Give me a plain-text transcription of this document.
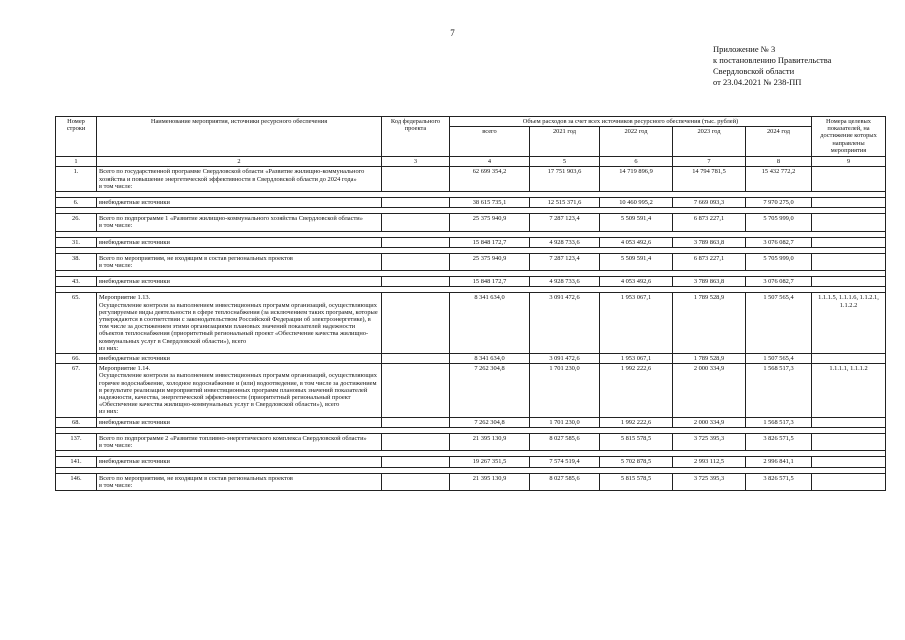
7
Приложение № 3
к постановлению Правительства
Свердловской области
от 23.04.2021 № 238-ПП
Номер строки	Наименование мероприятия, источники ресурсного обеспечения	Код федерального проекта	Объем расходов за счет всех источников ресурсного обеспечения (тыс. рублей)					Номера целевых показателей, на достижение которых направлены мероприятия
			всего	2021 год	2022 год	2023 год	2024 год	
1	2	3	4	5	6	7	8	9
1.	Всего по государственной программе Свердловской области «Развитие жилищно-коммунального хозяйства и повышение энергетической эффективности в Свердловской области до 2024 года»
в том числе:		62 699 354,2	17 751 903,6	14 719 896,9	14 794 781,5	15 432 772,2	

6.	внебюджетные источники		38 615 735,1	12 515 371,6	10 460 995,2	7 669 093,3	7 970 275,0	

26.	Всего по подпрограмме 1 «Развитие жилищно-коммунального хозяйства Свердловской области»
в том числе:		25 375 940,9	7 287 123,4	5 509 591,4	6 873 227,1	5 705 999,0	

31.	внебюджетные источники		15 848 172,7	4 928 733,6	4 053 492,6	3 789 863,8	3 076 082,7	

38.	Всего по мероприятиям, не входящим в состав региональных проектов
в том числе:		25 375 940,9	7 287 123,4	5 509 591,4	6 873 227,1	5 705 999,0	

43.	внебюджетные источники		15 848 172,7	4 928 733,6	4 053 492,6	3 789 863,8	3 076 082,7	

65.	Мероприятие 1.13.
Осуществление контроля за выполнением инвестиционных программ организаций, осуществляющих регулируемые виды деятельности в сфере теплоснабжения (за исключением таких программ, которые утверждаются в соответствии с законодательством Российской Федерации об электроэнергетике), в том числе за достижением этими организациями плановых значений показателей надежности объектов теплоснабжения (приоритетный региональный проект «Обеспечение качества жилищно-коммунальных услуг в Свердловской области»), всего
из них:		8 341 634,0	3 091 472,6	1 953 067,1	1 789 528,9	1 507 565,4	1.1.1.5, 1.1.1.6, 1.1.2.1, 1.1.2.2
66.	внебюджетные источники		8 341 634,0	3 091 472,6	1 953 067,1	1 789 528,9	1 507 565,4	
67.	Мероприятие 1.14.
Осуществление контроля за выполнением инвестиционных программ организаций, осуществляющих горячее водоснабжение, холодное водоснабжение и (или) водоотведение, в том числе за достижением в результате реализации мероприятий инвестиционных программ плановых значений показателей надежности, качества, энергетической эффективности (приоритетный региональный проект «Обеспечение качества жилищно-коммунальных услуг в Свердловской области»), всего
из них:		7 262 304,8	1 701 230,0	1 992 222,6	2 000 334,9	1 568 517,3	1.1.1.1, 1.1.1.2
68.	внебюджетные источники		7 262 304,8	1 701 230,0	1 992 222,6	2 000 334,9	1 568 517,3	

137.	Всего по подпрограмме 2 «Развитие топливно-энергетического комплекса Свердловской области»
в том числе:		21 395 130,9	8 027 585,6	5 815 578,5	3 725 395,3	3 826 571,5	

141.	внебюджетные источники		19 267 351,5	7 574 519,4	5 702 878,5	2 993 112,5	2 996 841,1	

146.	Всего по мероприятиям, не входящим в состав региональных проектов
в том числе:		21 395 130,9	8 027 585,6	5 815 578,5	3 725 395,3	3 826 571,5	
